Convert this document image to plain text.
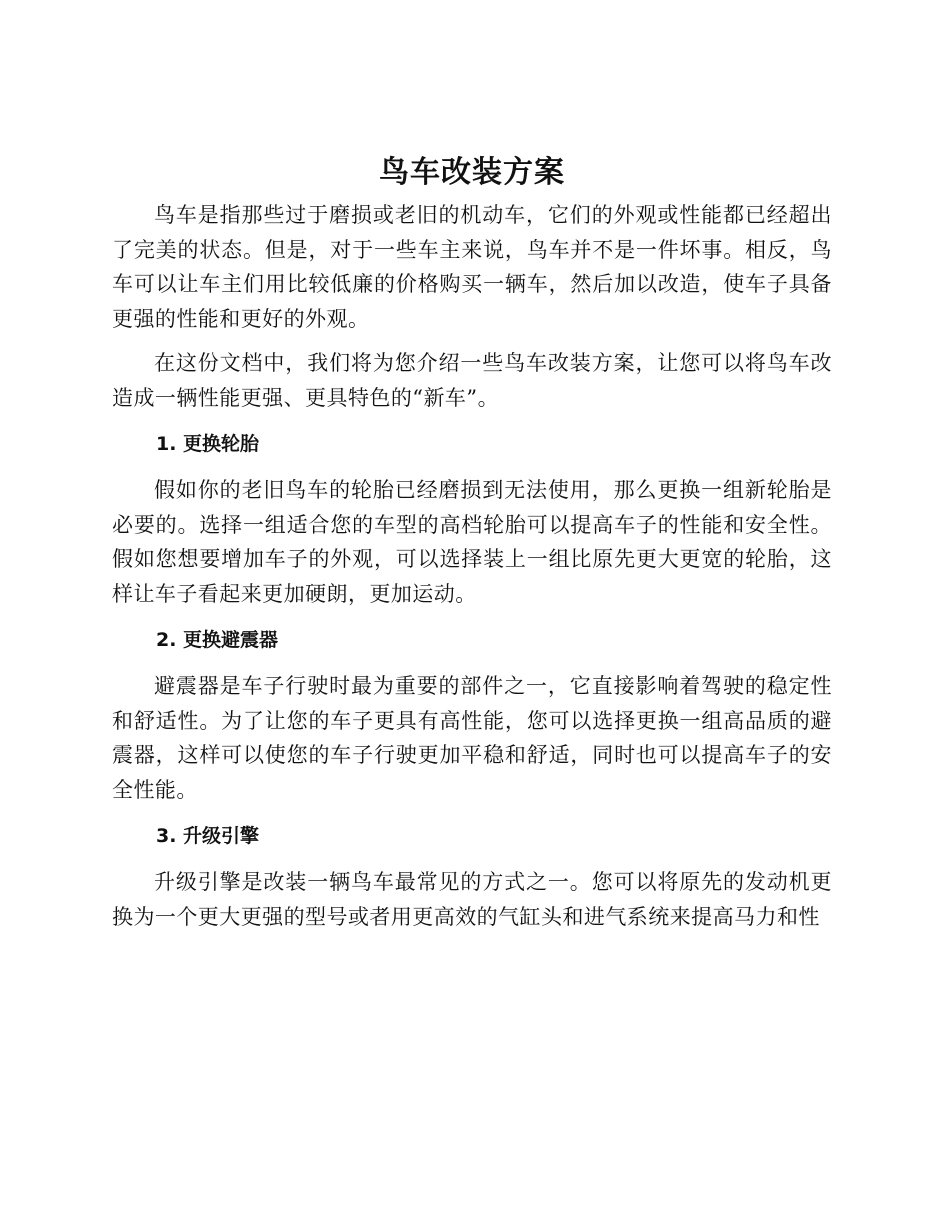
鸟车改装方案

鸟车是指那些过于磨损或老旧的机动车，它们的外观或性能都已经超出了完美的状态。但是，对于一些车主来说，鸟车并不是一件坏事。相反，鸟车可以让车主们用比较低廉的价格购买一辆车，然后加以改造，使车子具备更强的性能和更好的外观。

在这份文档中，我们将为您介绍一些鸟车改装方案，让您可以将鸟车改造成一辆性能更强、更具特色的“新车”。

1. 更换轮胎

假如你的老旧鸟车的轮胎已经磨损到无法使用，那么更换一组新轮胎是必要的。选择一组适合您的车型的高档轮胎可以提高车子的性能和安全性。假如您想要增加车子的外观，可以选择装上一组比原先更大更宽的轮胎，这样让车子看起来更加硬朗，更加运动。

2. 更换避震器

避震器是车子行驶时最为重要的部件之一，它直接影响着驾驶的稳定性和舒适性。为了让您的车子更具有高性能，您可以选择更换一组高品质的避震器，这样可以使您的车子行驶更加平稳和舒适，同时也可以提高车子的安全性能。

3. 升级引擎

升级引擎是改装一辆鸟车最常见的方式之一。您可以将原先的发动机更换为一个更大更强的型号或者用更高效的气缸头和进气系统来提高马力和性
